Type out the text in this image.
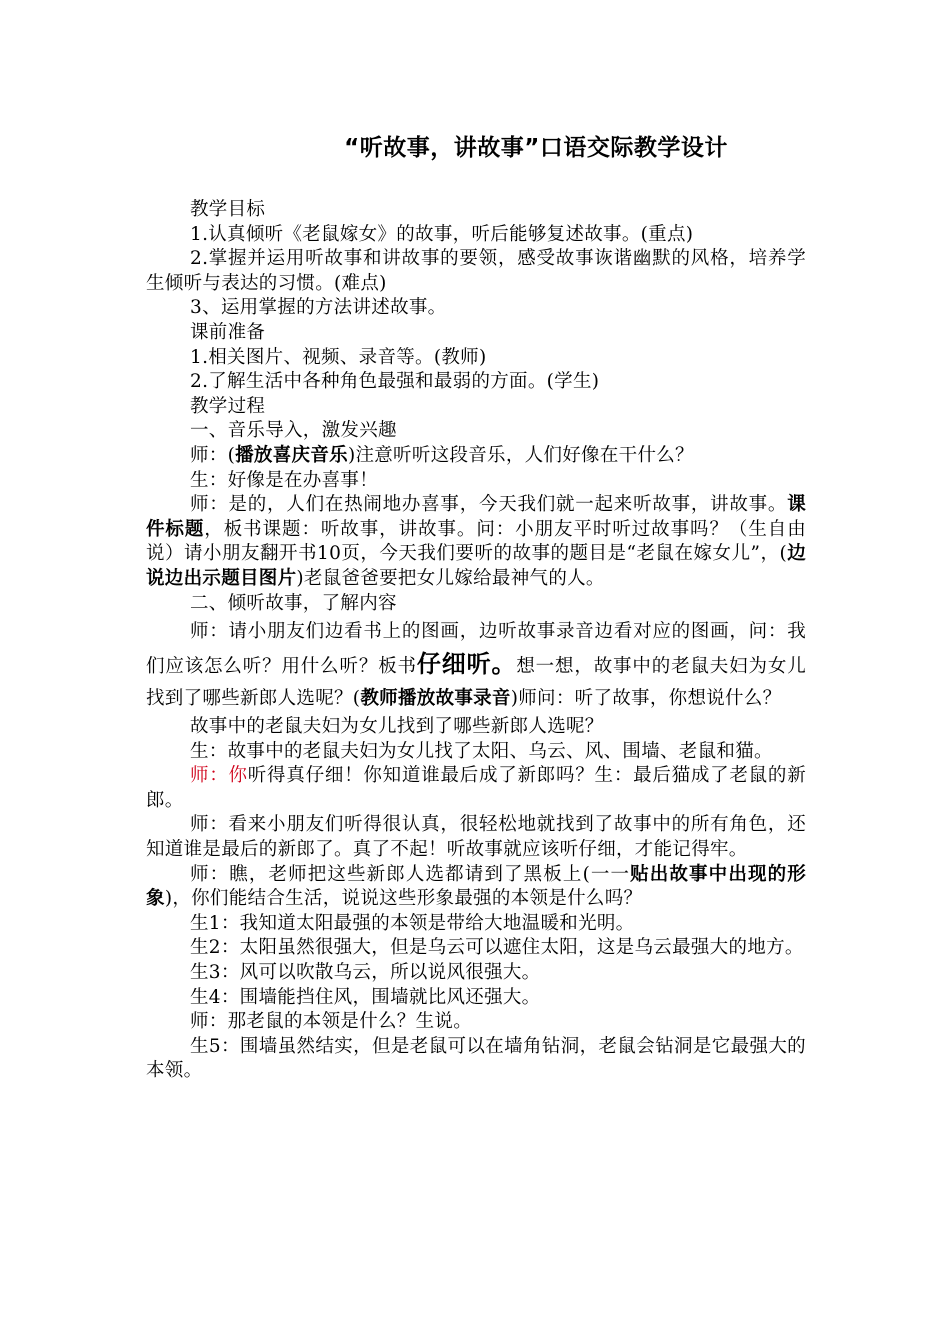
“听故事，讲故事”口语交际教学设计

教学目标

1.认真倾听《老鼠嫁女》的故事，听后能够复述故事。(重点)

2.掌握并运用听故事和讲故事的要领，感受故事诙谐幽默的风格，培养学生倾听与表达的习惯。(难点)

3、运用掌握的方法讲述故事。

课前准备

1.相关图片、视频、录音等。(教师)

2.了解生活中各种角色最强和最弱的方面。(学生)

教学过程

一、音乐导入，激发兴趣

师：(播放喜庆音乐)注意听听这段音乐，人们好像在干什么？

生：好像是在办喜事！

师：是的，人们在热闹地办喜事，今天我们就一起来听故事，讲故事。课件标题，板书课题：听故事，讲故事。问：小朋友平时听过故事吗？（生自由说）请小朋友翻开书10页，今天我们要听的故事的题目是“老鼠在嫁女儿”，(边说边出示题目图片)老鼠爸爸要把女儿嫁给最神气的人。

二、倾听故事，了解内容

师：请小朋友们边看书上的图画，边听故事录音边看对应的图画，问：我们应该怎么听？用什么听？板书仔细听。想一想，故事中的老鼠夫妇为女儿找到了哪些新郎人选呢？(教师播放故事录音)师问：听了故事，你想说什么？

故事中的老鼠夫妇为女儿找到了哪些新郎人选呢？

生：故事中的老鼠夫妇为女儿找了太阳、乌云、风、围墙、老鼠和猫。

师：你听得真仔细！你知道谁最后成了新郎吗？生：最后猫成了老鼠的新郎。

师：看来小朋友们听得很认真，很轻松地就找到了故事中的所有角色，还知道谁是最后的新郎了。真了不起！听故事就应该听仔细，才能记得牢。

师：瞧，老师把这些新郎人选都请到了黑板上(一一贴出故事中出现的形象)，你们能结合生活，说说这些形象最强的本领是什么吗？

生1：我知道太阳最强的本领是带给大地温暖和光明。

生2：太阳虽然很强大，但是乌云可以遮住太阳，这是乌云最强大的地方。

生3：风可以吹散乌云，所以说风很强大。

生4：围墙能挡住风，围墙就比风还强大。

师：那老鼠的本领是什么？生说。

生5：围墙虽然结实，但是老鼠可以在墙角钻洞，老鼠会钻洞是它最强大的本领。
